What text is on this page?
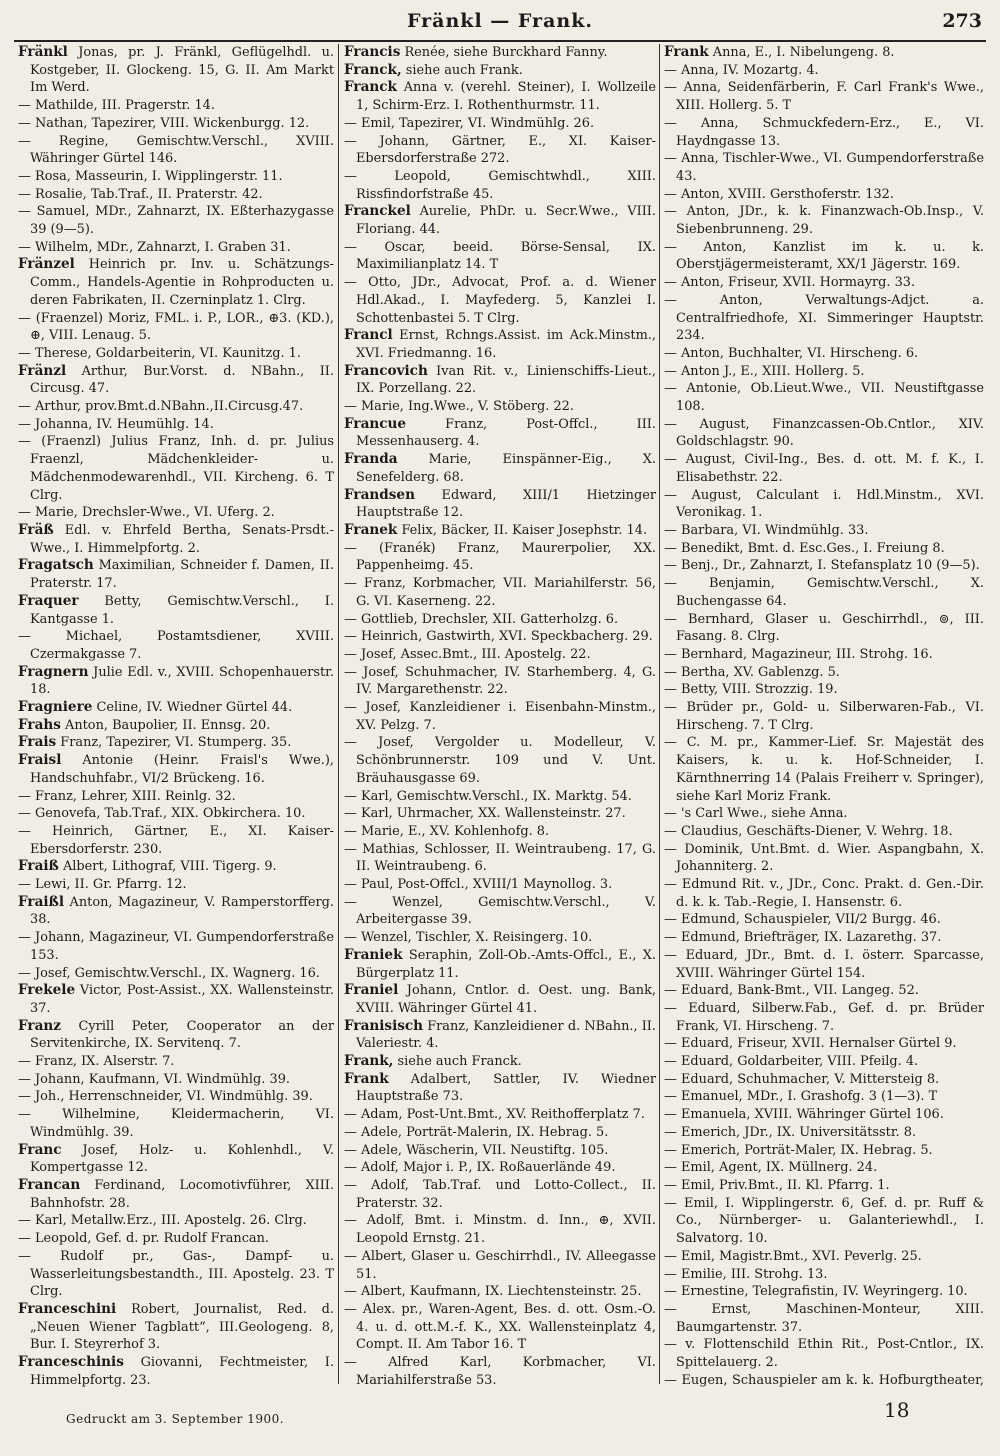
Fränkl — Frank.	273
Fränkl Jonas, pr. J. Fränkl, Geflügelhdl. u. Kostgeber, II. Glockeng. 15, G. II. Am Markt Im Werd.
— Mathilde, III. Pragerstr. 14.
— Nathan, Tapezirer, VIII. Wickenburgg. 12.
— Regine, Gemischtw.Verschl., XVIII. Währinger Gürtel 146.
— Rosa, Masseurin, I. Wipplingerstr. 11.
— Rosalie, Tab.Traf., II. Praterstr. 42.
— Samuel, MDr., Zahnarzt, IX. Eßterhazygasse 39 (9—5).
— Wilhelm, MDr., Zahnarzt, I. Graben 31.
Fränzel Heinrich pr. Inv. u. Schätzungs-Comm., Handels-Agentie in Rohproducten u. deren Fabrikaten, II. Czerninplatz 1. Clrg.
— (Fraenzel) Moriz, FML. i. P., LOR., ⊕3. (KD.), ⊕, VIII. Lenaug. 5.
— Therese, Goldarbeiterin, VI. Kaunitzg. 1.
Fränzl Arthur, Bur.Vorst. d. NBahn., II. Circusg. 47.
— Arthur, prov.Bmt.d.NBahn.,II.Circusg.47.
— Johanna, IV. Heumühlg. 14.
— (Fraenzl) Julius Franz, Inh. d. pr. Julius Fraenzl, Mädchenkleider- u. Mädchenmodewarenhdl., VII. Kircheng. 6. T Clrg.
— Marie, Drechsler-Wwe., VI. Uferg. 2.
Fräß Edl. v. Ehrfeld Bertha, Senats-Prsdt.-Wwe., I. Himmelpfortg. 2.
Fragatsch Maximilian, Schneider f. Damen, II. Praterstr. 17.
Fraquer Betty, Gemischtw.Verschl., I. Kantgasse 1.
— Michael, Postamtsdiener, XVIII. Czermakgasse 7.
Fragnern Julie Edl. v., XVIII. Schopenhauerstr. 18.
Fragniere Celine, IV. Wiedner Gürtel 44.
Frahs Anton, Baupolier, II. Ennsg. 20.
Frais Franz, Tapezirer, VI. Stumperg. 35.
Fraisl Antonie (Heinr. Fraisl's Wwe.), Handschuhfabr., VI/2 Brückeng. 16.
— Franz, Lehrer, XIII. Reinlg. 32.
— Genovefa, Tab.Traf., XIX. Obkirchera. 10.
— Heinrich, Gärtner, E., XI. Kaiser-Ebersdorferstr. 230.
Fraiß Albert, Lithograf, VIII. Tigerg. 9.
— Lewi, II. Gr. Pfarrg. 12.
Fraißl Anton, Magazineur, V. Ramperstorfferg. 38.
— Johann, Magazineur, VI. Gumpendorferstraße 153.
— Josef, Gemischtw.Verschl., IX. Wagnerg. 16.
Frekele Victor, Post-Assist., XX. Wallensteinstr. 37.
Franz Cyrill Peter, Cooperator an der Servitenkirche, IX. Servitenq. 7.
— Franz, IX. Alserstr. 7.
— Johann, Kaufmann, VI. Windmühlg. 39.
— Joh., Herrenschneider, VI. Windmühlg. 39.
— Wilhelmine, Kleidermacherin, VI. Windmühlg. 39.
Franc Josef, Holz- u. Kohlenhdl., V. Kompertgasse 12.
Francan Ferdinand, Locomotivführer, XIII. Bahnhofstr. 28.
— Karl, Metallw.Erz., III. Apostelg. 26. Clrg.
— Leopold, Gef. d. pr. Rudolf Francan.
— Rudolf pr., Gas-, Dampf- u. Wasserleitungsbestandth., III. Apostelg. 23. T Clrg.
Franceschini Robert, Journalist, Red. d. „Neuen Wiener Tagblatt“, III.Geologeng. 8, Bur. I. Steyrerhof 3.
Franceschinis Giovanni, Fechtmeister, I. Himmelpfortg. 23.
Francis Renée, siehe Burckhard Fanny.
Franck, siehe auch Frank.
Franck Anna v. (verehl. Steiner), I. Wollzeile 1, Schirm-Erz. I. Rothenthurmstr. 11.
— Emil, Tapezirer, VI. Windmühlg. 26.
— Johann, Gärtner, E., XI. Kaiser-Ebersdorferstraße 272.
— Leopold, Gemischtwhdl., XIII. Rissfindorfstraße 45.
Franckel Aurelie, PhDr. u. Secr.Wwe., VIII. Floriang. 44.
— Oscar, beeid. Börse-Sensal, IX. Maximilianplatz 14. T
— Otto, JDr., Advocat, Prof. a. d. Wiener Hdl.Akad., I. Mayfederg. 5, Kanzlei I. Schottenbastei 5. T Clrg.
Francl Ernst, Rchngs.Assist. im Ack.Minstm., XVI. Friedmanng. 16.
Francovich Ivan Rit. v., Linienschiffs-Lieut., IX. Porzellang. 22.
— Marie, Ing.Wwe., V. Stöberg. 22.
Francue Franz, Post-Offcl., III. Messenhauserg. 4.
Franda Marie, Einspänner-Eig., X. Senefelderg. 68.
Frandsen Edward, XIII/1 Hietzinger Hauptstraße 12.
Franek Felix, Bäcker, II. Kaiser Josephstr. 14.
— (Franék) Franz, Maurerpolier, XX. Pappenheimg. 45.
— Franz, Korbmacher, VII. Mariahilferstr. 56, G. VI. Kaserneng. 22.
— Gottlieb, Drechsler, XII. Gatterholzg. 6.
— Heinrich, Gastwirth, XVI. Speckbacherg. 29.
— Josef, Assec.Bmt., III. Apostelg. 22.
— Josef, Schuhmacher, IV. Starhemberg. 4, G. IV. Margarethenstr. 22.
— Josef, Kanzleidiener i. Eisenbahn-Minstm., XV. Pelzg. 7.
— Josef, Vergolder u. Modelleur, V. Schönbrunnerstr. 109 und V. Unt. Bräuhausgasse 69.
— Karl, Gemischtw.Verschl., IX. Marktg. 54.
— Karl, Uhrmacher, XX. Wallensteinstr. 27.
— Marie, E., XV. Kohlenhofg. 8.
— Mathias, Schlosser, II. Weintraubeng. 17, G. II. Weintraubeng. 6.
— Paul, Post-Offcl., XVIII/1 Maynollog. 3.
— Wenzel, Gemischtw.Verschl., V. Arbeitergasse 39.
— Wenzel, Tischler, X. Reisingerg. 10.
Franiek Seraphin, Zoll-Ob.-Amts-Offcl., E., X. Bürgerplatz 11.
Franiel Johann, Cntlor. d. Oest. ung. Bank, XVIII. Währinger Gürtel 41.
Franisisch Franz, Kanzleidiener d. NBahn., II. Valeriestr. 4.
Frank, siehe auch Franck.
Frank Adalbert, Sattler, IV. Wiedner Hauptstraße 73.
— Adam, Post-Unt.Bmt., XV. Reithofferplatz 7.
— Adele, Porträt-Malerin, IX. Hebrag. 5.
— Adele, Wäscherin, VII. Neustiftg. 105.
— Adolf, Major i. P., IX. Roßauerlände 49.
— Adolf, Tab.Traf. und Lotto-Collect., II. Praterstr. 32.
— Adolf, Bmt. i. Minstm. d. Inn., ⊕, XVII. Leopold Ernstg. 21.
— Albert, Glaser u. Geschirrhdl., IV. Alleegasse 51.
— Albert, Kaufmann, IX. Liechtensteinstr. 25.
— Alex. pr., Waren-Agent, Bes. d. ott. Osm.-O. 4. u. d. ott.M.-f. K., XX. Wallensteinplatz 4, Compt. II. Am Tabor 16. T
— Alfred Karl, Korbmacher, VI. Mariahilferstraße 53.
Frank Anna, E., I. Nibelungeng. 8.
— Anna, IV. Mozartg. 4.
— Anna, Seidenfärberin, F. Carl Frank's Wwe., XIII. Hollerg. 5. T
— Anna, Schmuckfedern-Erz., E., VI. Haydngasse 13.
— Anna, Tischler-Wwe., VI. Gumpendorferstraße 43.
— Anton, XVIII. Gersthoferstr. 132.
— Anton, JDr., k. k. Finanzwach-Ob.Insp., V. Siebenbrunneng. 29.
— Anton, Kanzlist im k. u. k. Oberstjägermeisteramt, XX/1 Jägerstr. 169.
— Anton, Friseur, XVII. Hormayrg. 33.
— Anton, Verwaltungs-Adjct. a. Centralfriedhofe, XI. Simmeringer Hauptstr. 234.
— Anton, Buchhalter, VI. Hirscheng. 6.
— Anton J., E., XIII. Hollerg. 5.
— Antonie, Ob.Lieut.Wwe., VII. Neustiftgasse 108.
— August, Finanzcassen-Ob.Cntlor., XIV. Goldschlagstr. 90.
— August, Civil-Ing., Bes. d. ott. M. f. K., I. Elisabethstr. 22.
— August, Calculant i. Hdl.Minstm., XVI. Veronikag. 1.
— Barbara, VI. Windmühlg. 33.
— Benedikt, Bmt. d. Esc.Ges., I. Freiung 8.
— Benj., Dr., Zahnarzt, I. Stefansplatz 10 (9—5).
— Benjamin, Gemischtw.Verschl., X. Buchengasse 64.
— Bernhard, Glaser u. Geschirrhdl., ⊚, III. Fasang. 8. Clrg.
— Bernhard, Magazineur, III. Strohg. 16.
— Bertha, XV. Gablenzg. 5.
— Betty, VIII. Strozzig. 19.
— Brüder pr., Gold- u. Silberwaren-Fab., VI. Hirscheng. 7. T Clrg.
— C. M. pr., Kammer-Lief. Sr. Majestät des Kaisers, k. u. k. Hof-Schneider, I. Kärnthnerring 14 (Palais Freiherr v. Springer), siehe Karl Moriz Frank.
— 's Carl Wwe., siehe Anna.
— Claudius, Geschäfts-Diener, V. Wehrg. 18.
— Dominik, Unt.Bmt. d. Wier. Aspangbahn, X. Johanniterg. 2.
— Edmund Rit. v., JDr., Conc. Prakt. d. Gen.-Dir. d. k. k. Tab.-Regie, I. Hansenstr. 6.
— Edmund, Schauspieler, VII/2 Burgg. 46.
— Edmund, Briefträger, IX. Lazarethg. 37.
— Eduard, JDr., Bmt. d. I. österr. Sparcasse, XVIII. Währinger Gürtel 154.
— Eduard, Bank-Bmt., VII. Langeg. 52.
— Eduard, Silberw.Fab., Gef. d. pr. Brüder Frank, VI. Hirscheng. 7.
— Eduard, Friseur, XVII. Hernalser Gürtel 9.
— Eduard, Goldarbeiter, VIII. Pfeilg. 4.
— Eduard, Schuhmacher, V. Mittersteig 8.
— Emanuel, MDr., I. Grashofg. 3 (1—3). T
— Emanuela, XVIII. Währinger Gürtel 106.
— Emerich, JDr., IX. Universitätsstr. 8.
— Emerich, Porträt-Maler, IX. Hebrag. 5.
— Emil, Agent, IX. Müllnerg. 24.
— Emil, Priv.Bmt., II. Kl. Pfarrg. 1.
— Emil, I. Wipplingerstr. 6, Gef. d. pr. Ruff & Co., Nürnberger- u. Galanteriewhdl., I. Salvatorg. 10.
— Emil, Magistr.Bmt., XVI. Peverlg. 25.
— Emilie, III. Strohg. 13.
— Ernestine, Telegrafistin, IV. Weyringerg. 10.
— Ernst, Maschinen-Monteur, XIII. Baumgartenstr. 37.
— v. Flottenschild Ethin Rit., Post-Cntlor., IX. Spittelauerg. 2.
— Eugen, Schauspieler am k. k. Hofburgtheater,
Gedruckt am 3. September 1900.	18
